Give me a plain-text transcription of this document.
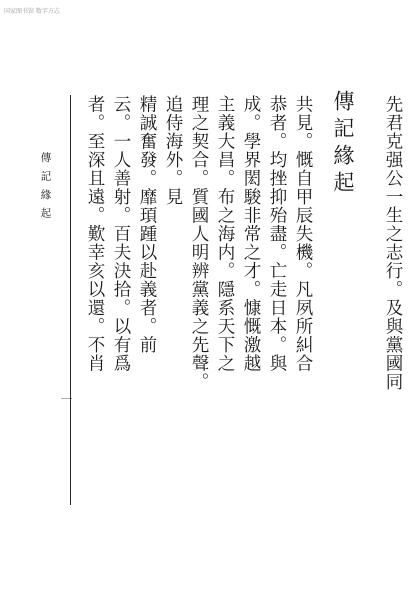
国家图书馆 数字方志
傳記緣起 先君克强公一生之志行。及與黨國同
共見。慨自甲辰失機。凡夙所糾合
恭者。均挫抑殆盡。亡走日本。與
成。學界閎駿非常之才。慷慨激越
主義大昌。布之海内。隱系天下之
理之契合。質國人明辨黨義之先聲。
追侍海外。見
精誠奮發。靡頊踵以赴義者。前
云。一人善射。百夫決拾。以有爲
者。至深且遠。歎幸亥以還。不肖
傳記緣起
一
